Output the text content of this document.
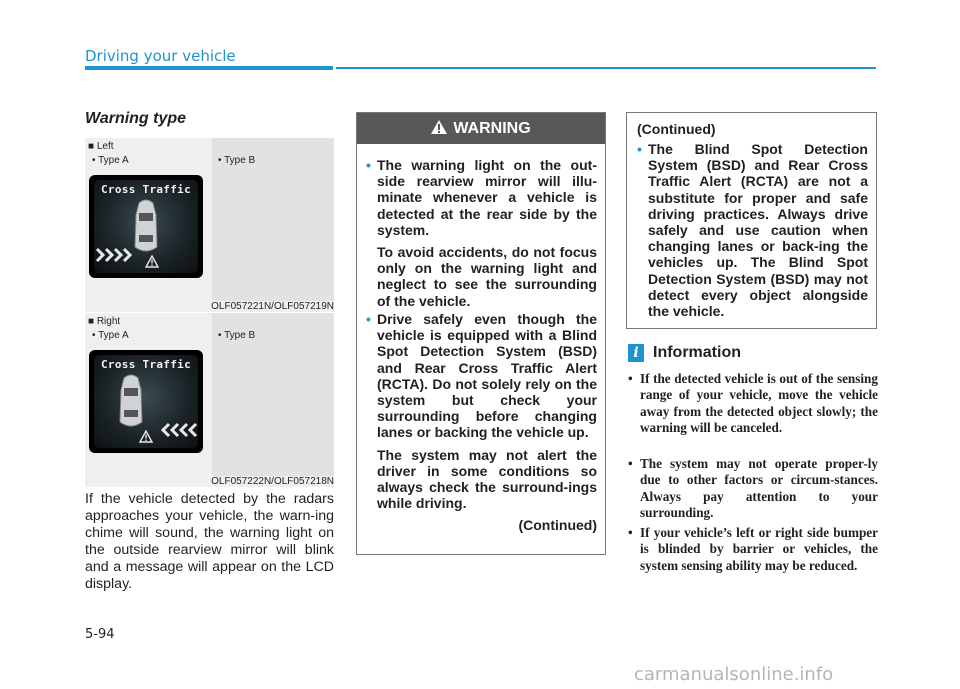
Driving your vehicle
Warning type
■ Left
• Type A	• Type B
Cross Traffic
OLF057221N/OLF057219N
■ Right
• Type A	• Type B
Cross Traffic
OLF057222N/OLF057218N
If the vehicle detected by the radars approaches your vehicle, the warn-ing chime will sound, the warning light on the outside rearview mirror will blink and a message will appear on the LCD display.
WARNING
• The warning light on the out-side rearview mirror will illu-minate whenever a vehicle is detected at the rear side by the system.
To avoid accidents, do not focus only on the warning light and neglect to see the surrounding of the vehicle.
• Drive safely even though the vehicle is equipped with a Blind Spot Detection System (BSD) and Rear Cross Traffic Alert (RCTA). Do not solely rely on the system but check your surrounding before changing lanes or backing the vehicle up.
The system may not alert the driver in some conditions so always check the surround-ings while driving.
(Continued)
(Continued)
• The Blind Spot Detection System (BSD) and Rear Cross Traffic Alert (RCTA) are not a substitute for proper and safe driving practices. Always drive safely and use caution when changing lanes or back-ing the vehicles up. The Blind Spot Detection System (BSD) may not detect every object alongside the vehicle.
i Information
• If the detected vehicle is out of the sensing range of your vehicle, move the vehicle away from the detected object slowly; the warning will be canceled.
• The system may not operate proper-ly due to other factors or circum-stances. Always pay attention to your surrounding.
• If your vehicle’s left or right side bumper is blinded by barrier or vehicles, the system sensing ability may be reduced.
5-94
carmanualsonline.info
